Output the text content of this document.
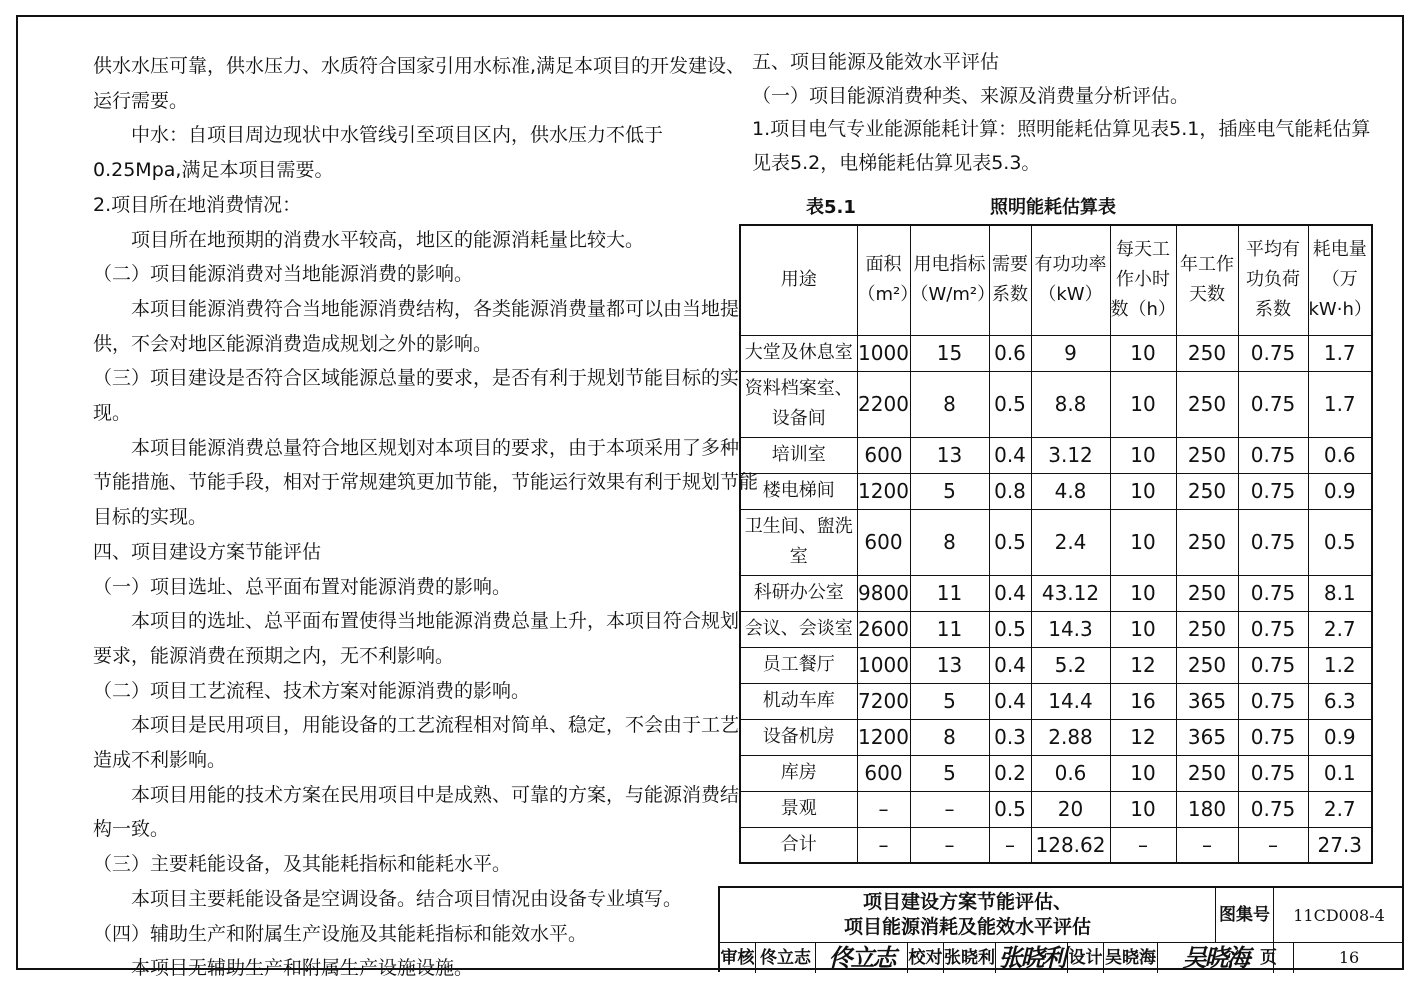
供水水压可靠，供水压力、水质符合国家引用水标准,满足本项目的开发建设、

运行需要。

　　中水：自项目周边现状中水管线引至项目区内，供水压力不低于

0.25Mpa,满足本项目需要。

2.项目所在地消费情况：

　　项目所在地预期的消费水平较高，地区的能源消耗量比较大。

（二）项目能源消费对当地能源消费的影响。

　　本项目能源消费符合当地能源消费结构，各类能源消费量都可以由当地提

供，不会对地区能源消费造成规划之外的影响。

（三）项目建设是否符合区域能源总量的要求，是否有利于规划节能目标的实

现。

　　本项目能源消费总量符合地区规划对本项目的要求，由于本项采用了多种

节能措施、节能手段，相对于常规建筑更加节能，节能运行效果有利于规划节能

目标的实现。

四、项目建设方案节能评估

（一）项目选址、总平面布置对能源消费的影响。

　　本项目的选址、总平面布置使得当地能源消费总量上升，本项目符合规划

要求，能源消费在预期之内，无不利影响。

（二）项目工艺流程、技术方案对能源消费的影响。

　　本项目是民用项目，用能设备的工艺流程相对简单、稳定，不会由于工艺

造成不利影响。

　　本项目用能的技术方案在民用项目中是成熟、可靠的方案，与能源消费结

构一致。

（三）主要耗能设备，及其能耗指标和能耗水平。

　　本项目主要耗能设备是空调设备。结合项目情况由设备专业填写。

（四）辅助生产和附属生产设施及其能耗指标和能效水平。

　　本项目无辅助生产和附属生产设施设施。

五、项目能源及能效水平评估

（一）项目能源消费种类、来源及消费量分析评估。

1.项目电气专业能源能耗计算：照明能耗估算见表5.1，插座电气能耗估算

见表5.2，电梯能耗估算见表5.3。

表5.1	照明能耗估算表
用途	面积（m²）	用电指标（W/m²）	需要系数	有功功率（kW）	每天工作小时数（h）	年工作天数	平均有功负荷系数	耗电量（万kW·h）
大堂及休息室	1000	15	0.6	9	10	250	0.75	1.7
资料档案室、设备间	2200	8	0.5	8.8	10	250	0.75	1.7
培训室	600	13	0.4	3.12	10	250	0.75	0.6
楼电梯间	1200	5	0.8	4.8	10	250	0.75	0.9
卫生间、盥洗室	600	8	0.5	2.4	10	250	0.75	0.5
科研办公室	9800	11	0.4	43.12	10	250	0.75	8.1
会议、会谈室	2600	11	0.5	14.3	10	250	0.75	2.7
员工餐厅	1000	13	0.4	5.2	12	250	0.75	1.2
机动车库	7200	5	0.4	14.4	16	365	0.75	6.3
设备机房	1200	8	0.3	2.88	12	365	0.75	0.9
库房	600	5	0.2	0.6	10	250	0.75	0.1
景观	–	–	0.5	20	10	180	0.75	2.7
合计	–	–	–	128.62	–	–	–	27.3
项目建设方案节能评估、
项目能源消耗及能效水平评估
图集号	11CD008-4
审核 佟立志 佟立志 校对 张晓利 张晓利 设计 吴晓海	吴晓海 页	16
